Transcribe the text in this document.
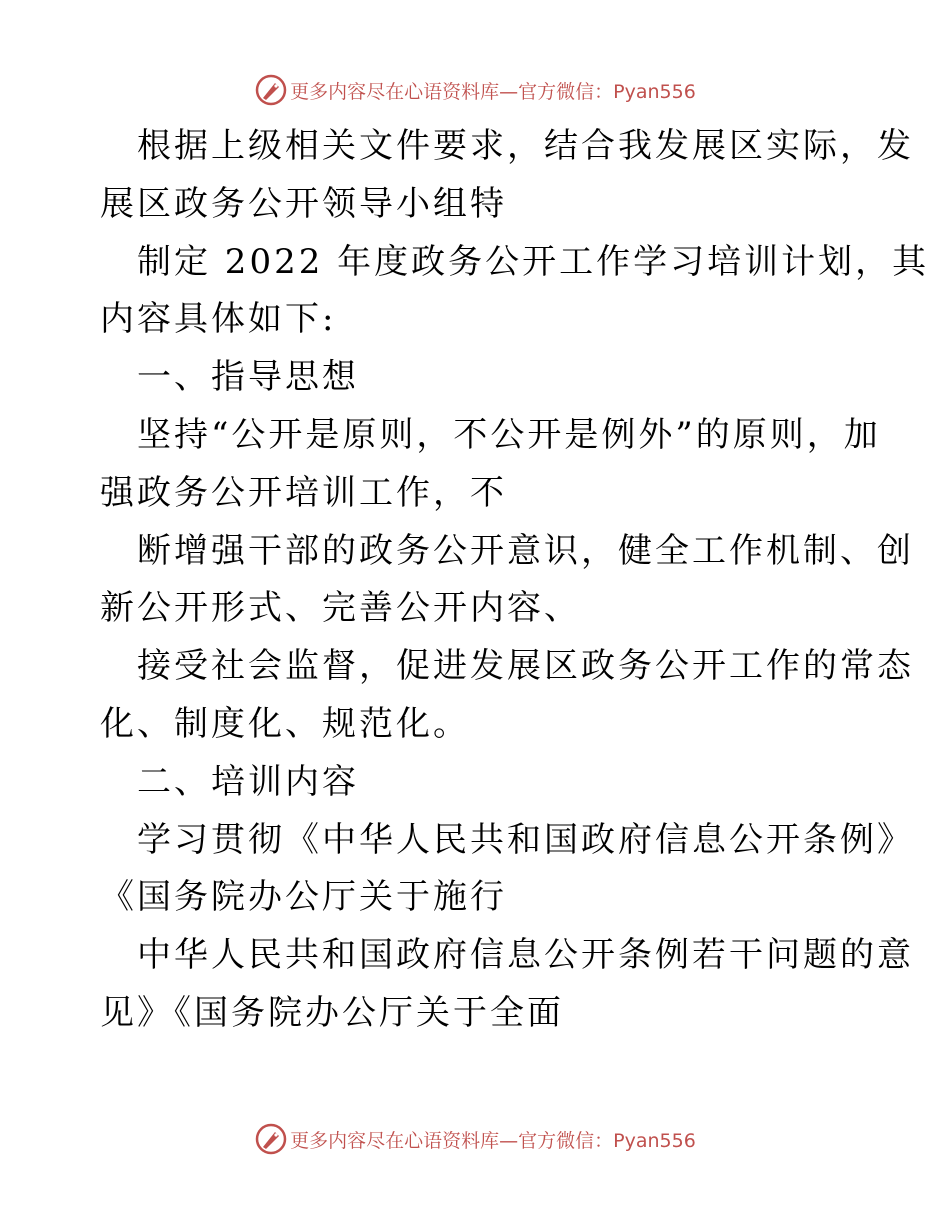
更多内容尽在心语资料库—官方微信：Pyan556

根据上级相关文件要求，结合我发展区实际，发

展区政务公开领导小组特

制定 2022 年度政务公开工作学习培训计划，其

内容具体如下:

一、指导思想

坚持“公开是原则，不公开是例外”的原则，加

强政务公开培训工作，不

断增强干部的政务公开意识，健全工作机制、创

新公开形式、完善公开内容、

接受社会监督，促进发展区政务公开工作的常态

化、制度化、规范化。

二、培训内容

学习贯彻《中华人民共和国政府信息公开条例》

《国务院办公厅关于施行

中华人民共和国政府信息公开条例若干问题的意

见》《国务院办公厅关于全面

更多内容尽在心语资料库—官方微信：Pyan556
